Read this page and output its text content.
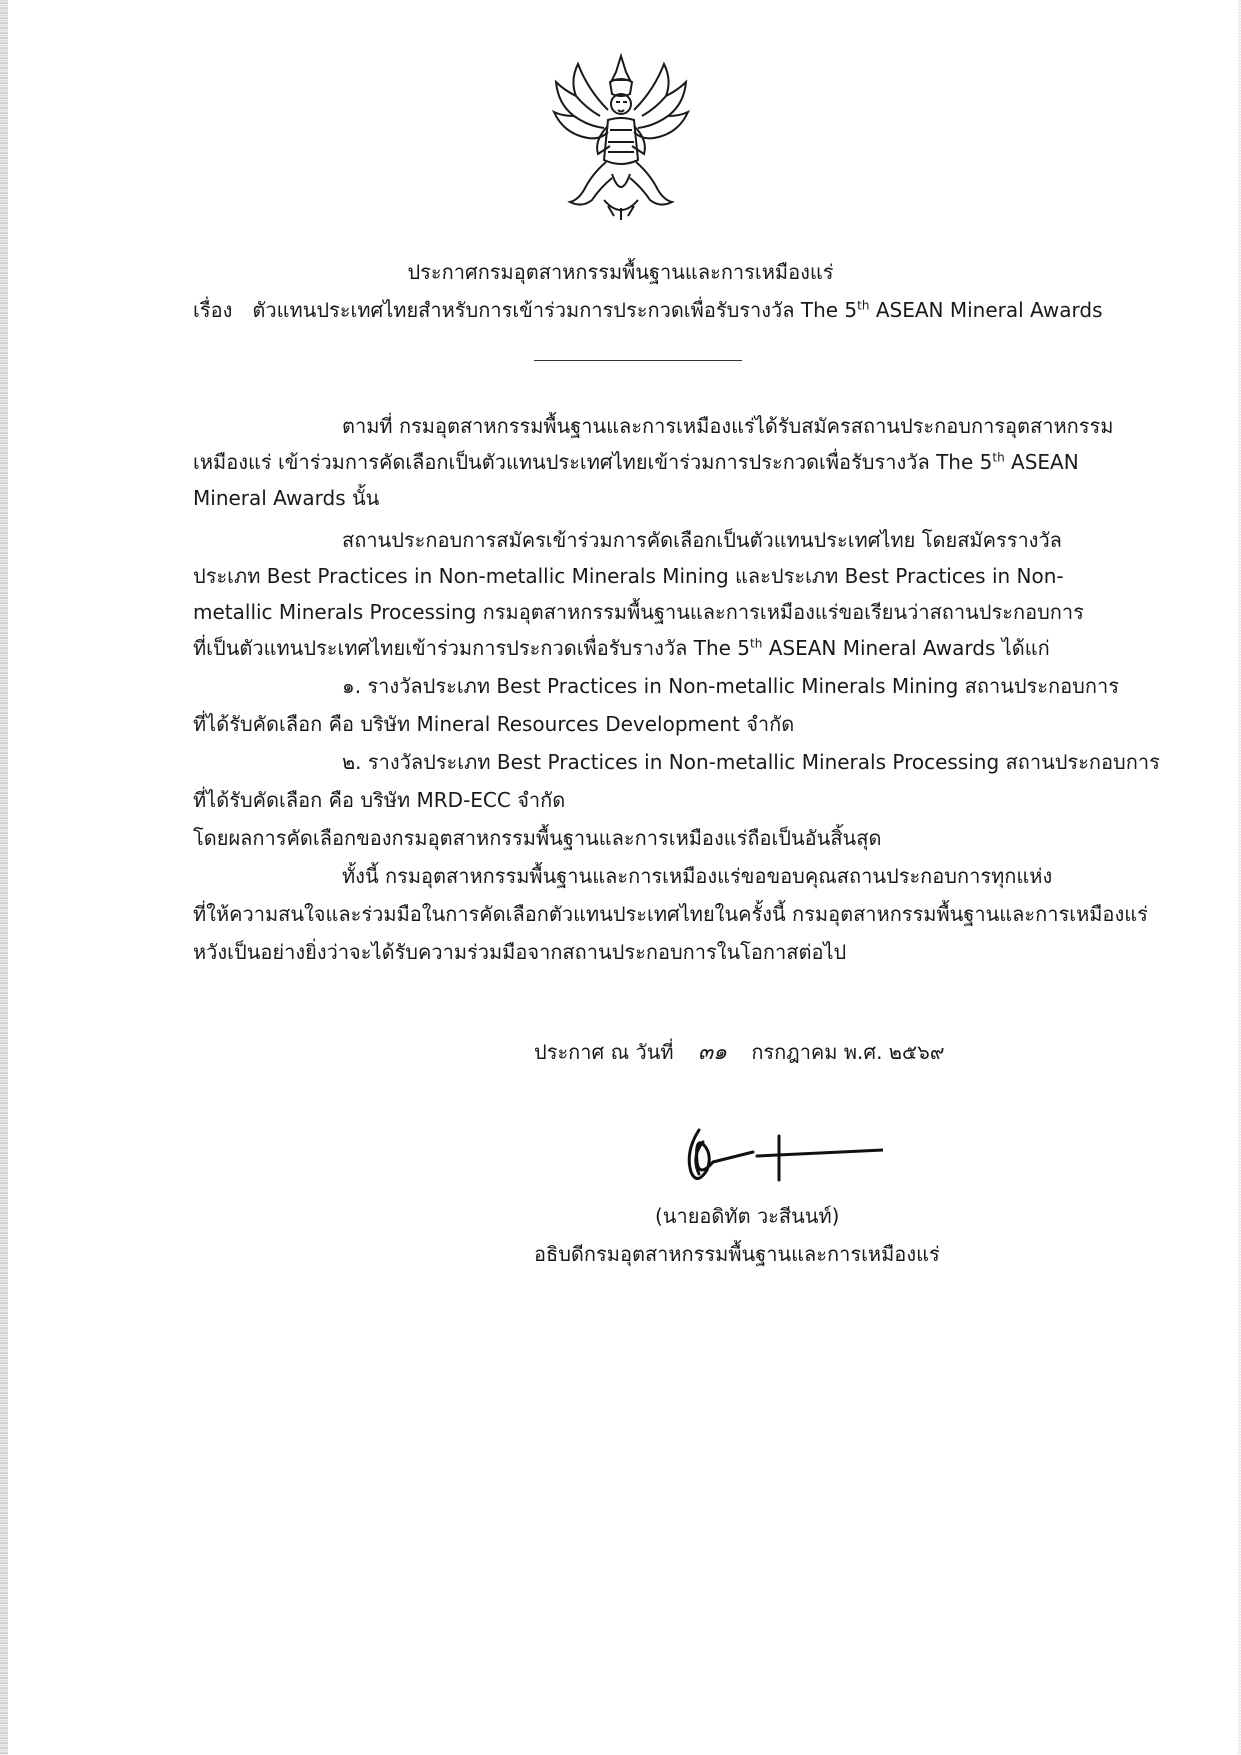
ประกาศกรมอุตสาหกรรมพื้นฐานและการเหมืองแร่
เรื่อง ตัวแทนประเทศไทยสำหรับการเข้าร่วมการประกวดเพื่อรับรางวัล The 5th ASEAN Mineral Awards
ตามที่ กรมอุตสาหกรรมพื้นฐานและการเหมืองแร่ได้รับสมัครสถานประกอบการอุตสาหกรรม
เหมืองแร่ เข้าร่วมการคัดเลือกเป็นตัวแทนประเทศไทยเข้าร่วมการประกวดเพื่อรับรางวัล The 5th ASEAN
Mineral Awards นั้น
สถานประกอบการสมัครเข้าร่วมการคัดเลือกเป็นตัวแทนประเทศไทย โดยสมัครรางวัล
ประเภท Best Practices in Non-metallic Minerals Mining และประเภท Best Practices in Non-
metallic Minerals Processing กรมอุตสาหกรรมพื้นฐานและการเหมืองแร่ขอเรียนว่าสถานประกอบการ
ที่เป็นตัวแทนประเทศไทยเข้าร่วมการประกวดเพื่อรับรางวัล The 5th ASEAN Mineral Awards ได้แก่
๑. รางวัลประเภท Best Practices in Non-metallic Minerals Mining สถานประกอบการ
ที่ได้รับคัดเลือก คือ บริษัท Mineral Resources Development จำกัด
๒. รางวัลประเภท Best Practices in Non-metallic Minerals Processing สถานประกอบการ
ที่ได้รับคัดเลือก คือ บริษัท MRD-ECC จำกัด
โดยผลการคัดเลือกของกรมอุตสาหกรรมพื้นฐานและการเหมืองแร่ถือเป็นอันสิ้นสุด
ทั้งนี้ กรมอุตสาหกรรมพื้นฐานและการเหมืองแร่ขอขอบคุณสถานประกอบการทุกแห่ง
ที่ให้ความสนใจและร่วมมือในการคัดเลือกตัวแทนประเทศไทยในครั้งนี้ กรมอุตสาหกรรมพื้นฐานและการเหมืองแร่
หวังเป็นอย่างยิ่งว่าจะได้รับความร่วมมือจากสถานประกอบการในโอกาสต่อไป
ประกาศ ณ วันที่ ๓๑ กรกฎาคม พ.ศ. ๒๕๖๙
(นายอดิทัต วะสีนนท์)
อธิบดีกรมอุตสาหกรรมพื้นฐานและการเหมืองแร่
